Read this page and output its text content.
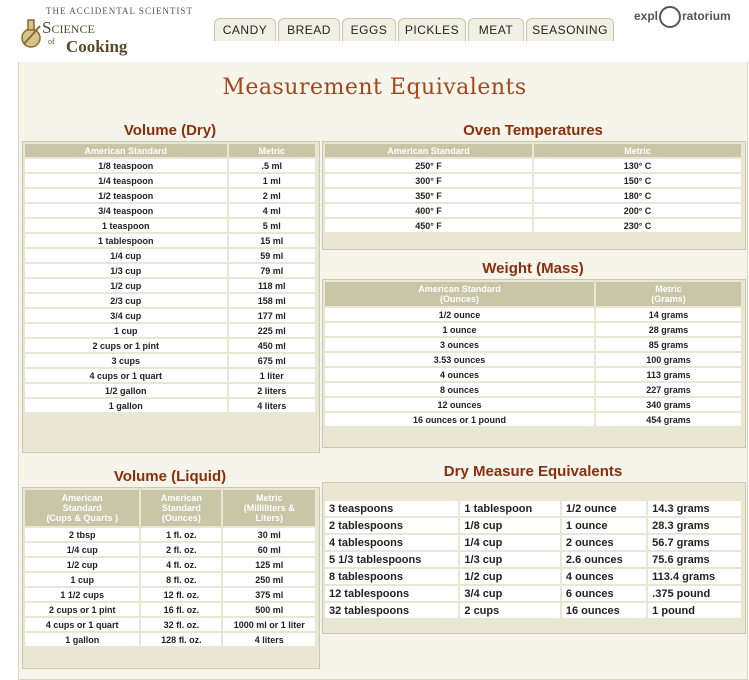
THE ACCIDENTAL SCIENTIST
Science
of Cooking
CANDY	BREAD	EGGS	PICKLES	MEAT	SEASONING
expl ratorium
Measurement Equivalents
Volume (Dry)
American Standard	Metric
1/8 teaspoon	.5 ml
1/4 teaspoon	1 ml
1/2 teaspoon	2 ml
3/4 teaspoon	4 ml
1 teaspoon	5 ml
1 tablespoon	15 ml
1/4 cup	59 ml
1/3 cup	79 ml
1/2 cup	118 ml
2/3 cup	158 ml
3/4 cup	177 ml
1 cup	225 ml
2 cups or 1 pint	450 ml
3 cups	675 ml
4 cups or 1 quart	1 liter
1/2 gallon	2 liters
1 gallon	4 liters
Oven Temperatures
American Standard	Metric
250° F	130° C
300° F	150° C
350° F	180° C
400° F	200° C
450° F	230° C
Weight (Mass)
American Standard
(Ounces)	Metric
(Grams)
1/2 ounce	14 grams
1 ounce	28 grams
3 ounces	85 grams
3.53 ounces	100 grams
4 ounces	113 grams
8 ounces	227 grams
12 ounces	340 grams
16 ounces or 1 pound	454 grams
Volume (Liquid)
American
Standard
(Cups & Quarts )	American
Standard
(Ounces)	Metric
(Milliliters &
Liters)
2 tbsp	1 fl. oz.	30 ml
1/4 cup	2 fl. oz.	60 ml
1/2 cup	4 fl. oz.	125 ml
1 cup	8 fl. oz.	250 ml
1 1/2 cups	12 fl. oz.	375 ml
2 cups or 1 pint	16 fl. oz.	500 ml
4 cups or 1 quart	32 fl. oz.	1000 ml or 1 liter
1 gallon	128 fl. oz.	4 liters
Dry Measure Equivalents
3 teaspoons	1 tablespoon	1/2 ounce	14.3 grams
2 tablespoons	1/8 cup	1 ounce	28.3 grams
4 tablespoons	1/4 cup	2 ounces	56.7 grams
5 1/3 tablespoons	1/3 cup	2.6 ounces	75.6 grams
8 tablespoons	1/2 cup	4 ounces	113.4 grams
12 tablespoons	3/4 cup	6 ounces	.375 pound
32 tablespoons	2 cups	16 ounces	1 pound
